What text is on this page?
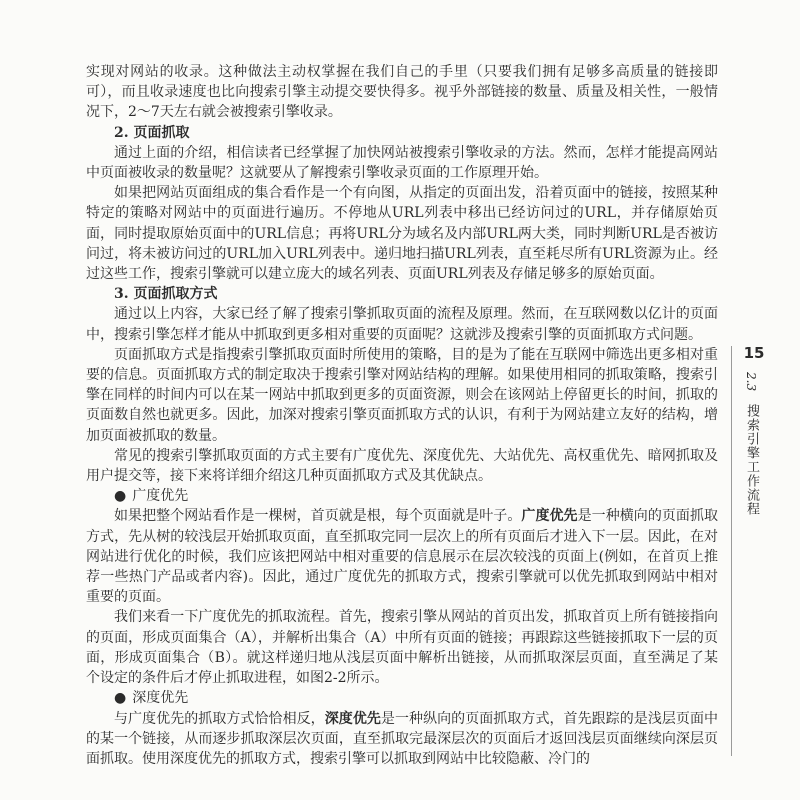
实现对网站的收录。这种做法主动权掌握在我们自己的手里（只要我们拥有足够多高质量的链接即可），而且收录速度也比向搜索引擎主动提交要快得多。视乎外部链接的数量、质量及相关性，一般情况下，2～7天左右就会被搜索引擎收录。

2. 页面抓取

通过上面的介绍，相信读者已经掌握了加快网站被搜索引擎收录的方法。然而，怎样才能提高网站中页面被收录的数量呢？这就要从了解搜索引擎收录页面的工作原理开始。

如果把网站页面组成的集合看作是一个有向图，从指定的页面出发，沿着页面中的链接，按照某种特定的策略对网站中的页面进行遍历。不停地从URL列表中移出已经访问过的URL，并存储原始页面，同时提取原始页面中的URL信息；再将URL分为域名及内部URL两大类，同时判断URL是否被访问过，将未被访问过的URL加入URL列表中。递归地扫描URL列表，直至耗尽所有URL资源为止。经过这些工作，搜索引擎就可以建立庞大的域名列表、页面URL列表及存储足够多的原始页面。

3. 页面抓取方式

通过以上内容，大家已经了解了搜索引擎抓取页面的流程及原理。然而，在互联网数以亿计的页面中，搜索引擎怎样才能从中抓取到更多相对重要的页面呢？这就涉及搜索引擎的页面抓取方式问题。

页面抓取方式是指搜索引擎抓取页面时所使用的策略，目的是为了能在互联网中筛选出更多相对重要的信息。页面抓取方式的制定取决于搜索引擎对网站结构的理解。如果使用相同的抓取策略，搜索引擎在同样的时间内可以在某一网站中抓取到更多的页面资源，则会在该网站上停留更长的时间，抓取的页面数自然也就更多。因此，加深对搜索引擎页面抓取方式的认识，有利于为网站建立友好的结构，增加页面被抓取的数量。

常见的搜索引擎抓取页面的方式主要有广度优先、深度优先、大站优先、高权重优先、暗网抓取及用户提交等，接下来将详细介绍这几种页面抓取方式及其优缺点。

● 广度优先

如果把整个网站看作是一棵树，首页就是根，每个页面就是叶子。广度优先是一种横向的页面抓取方式，先从树的较浅层开始抓取页面，直至抓取完同一层次上的所有页面后才进入下一层。因此，在对网站进行优化的时候，我们应该把网站中相对重要的信息展示在层次较浅的页面上(例如，在首页上推荐一些热门产品或者内容)。因此，通过广度优先的抓取方式，搜索引擎就可以优先抓取到网站中相对重要的页面。

我们来看一下广度优先的抓取流程。首先，搜索引擎从网站的首页出发，抓取首页上所有链接指向的页面，形成页面集合（A），并解析出集合（A）中所有页面的链接；再跟踪这些链接抓取下一层的页面，形成页面集合（B）。就这样递归地从浅层页面中解析出链接，从而抓取深层页面，直至满足了某个设定的条件后才停止抓取进程，如图2-2所示。

● 深度优先

与广度优先的抓取方式恰恰相反，深度优先是一种纵向的页面抓取方式，首先跟踪的是浅层页面中的某一个链接，从而逐步抓取深层次页面，直至抓取完最深层次的页面后才返回浅层页面继续向深层页面抓取。使用深度优先的抓取方式，搜索引擎可以抓取到网站中比较隐蔽、冷门的

15
2.3
搜索引擎工作流程
